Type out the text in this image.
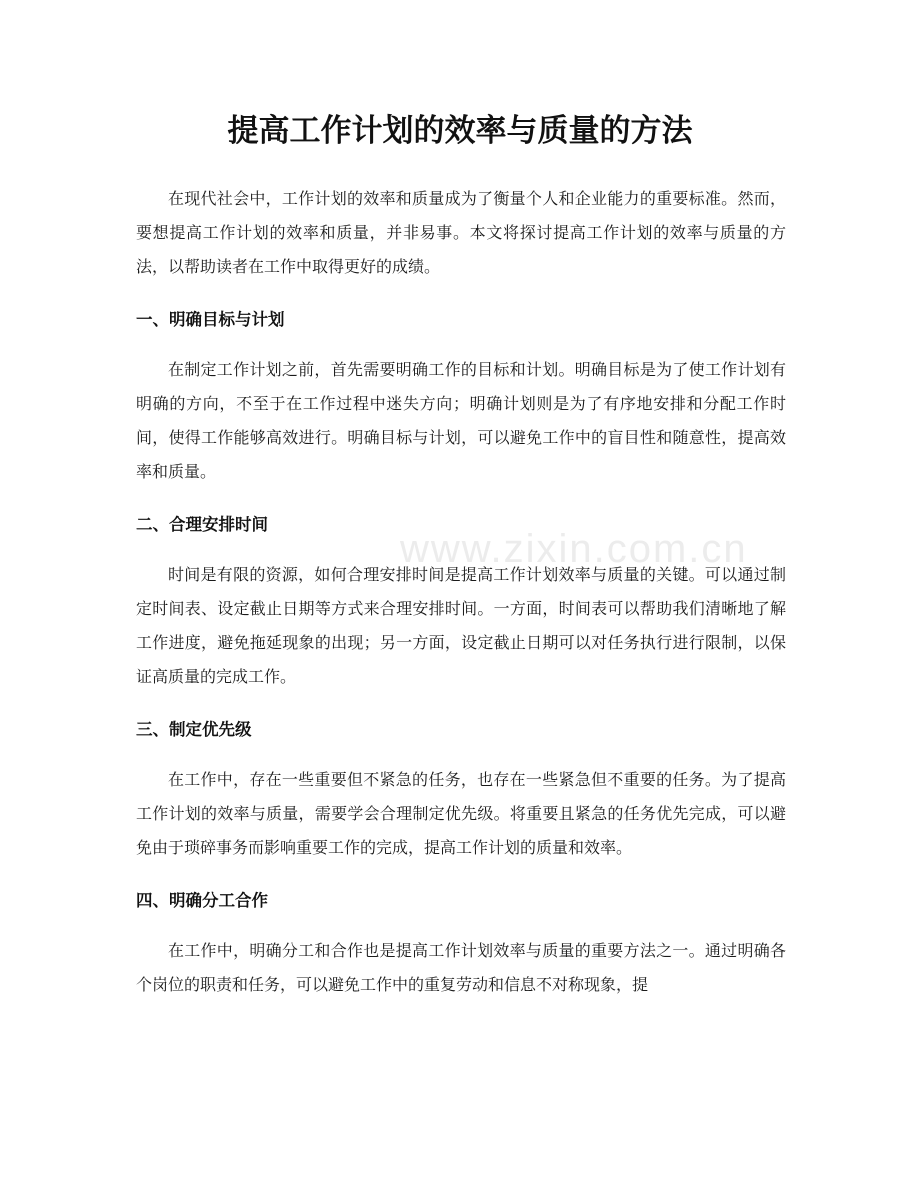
www.zixin.com.cn
提高工作计划的效率与质量的方法

在现代社会中，工作计划的效率和质量成为了衡量个人和企业能力的重要标准。然而，要想提高工作计划的效率和质量，并非易事。本文将探讨提高工作计划的效率与质量的方法，以帮助读者在工作中取得更好的成绩。

一、明确目标与计划

在制定工作计划之前，首先需要明确工作的目标和计划。明确目标是为了使工作计划有明确的方向，不至于在工作过程中迷失方向；明确计划则是为了有序地安排和分配工作时间，使得工作能够高效进行。明确目标与计划，可以避免工作中的盲目性和随意性，提高效率和质量。

二、合理安排时间

时间是有限的资源，如何合理安排时间是提高工作计划效率与质量的关键。可以通过制定时间表、设定截止日期等方式来合理安排时间。一方面，时间表可以帮助我们清晰地了解工作进度，避免拖延现象的出现；另一方面，设定截止日期可以对任务执行进行限制，以保证高质量的完成工作。

三、制定优先级

在工作中，存在一些重要但不紧急的任务，也存在一些紧急但不重要的任务。为了提高工作计划的效率与质量，需要学会合理制定优先级。将重要且紧急的任务优先完成，可以避免由于琐碎事务而影响重要工作的完成，提高工作计划的质量和效率。

四、明确分工合作

在工作中，明确分工和合作也是提高工作计划效率与质量的重要方法之一。通过明确各个岗位的职责和任务，可以避免工作中的重复劳动和信息不对称现象，提
